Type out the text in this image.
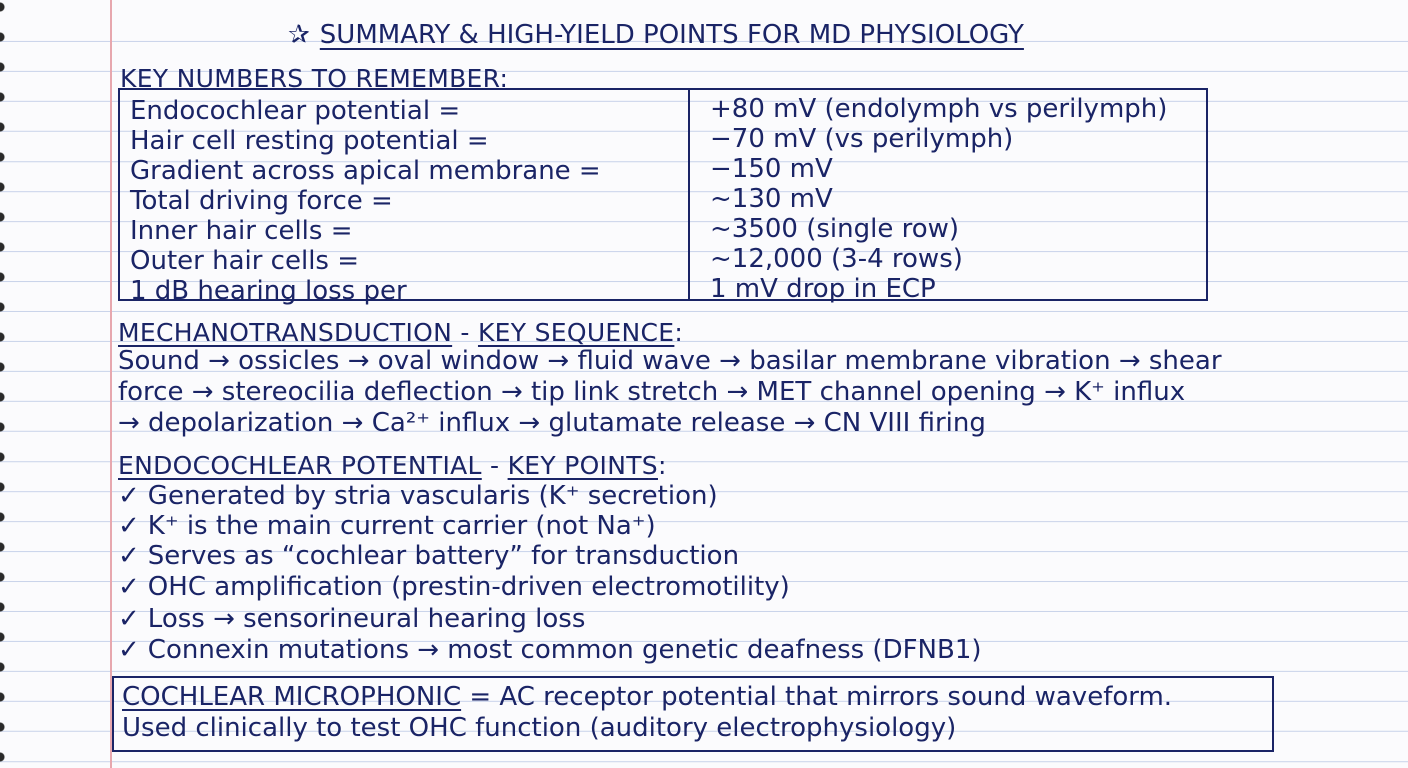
✰ SUMMARY & HIGH-YIELD POINTS FOR MD PHYSIOLOGY
KEY NUMBERS TO REMEMBER:
Endocochlear potential =	+80 mV (endolymph vs perilymph)
Hair cell resting potential =	−70 mV (vs perilymph)
Gradient across apical membrane =	−150 mV
Total driving force =	~130 mV
Inner hair cells =	~3500 (single row)
Outer hair cells =	~12,000 (3-4 rows)
1 dB hearing loss per	1 mV drop in ECP
MECHANOTRANSDUCTION - KEY SEQUENCE:
Sound → ossicles → oval window → fluid wave → basilar membrane vibration → shear
force → stereocilia deflection → tip link stretch → MET channel opening → K⁺ influx
→ depolarization → Ca²⁺ influx → glutamate release → CN VIII firing
ENDOCOCHLEAR POTENTIAL - KEY POINTS:
✓ Generated by stria vascularis (K⁺ secretion)
✓ K⁺ is the main current carrier (not Na⁺)
✓ Serves as “cochlear battery” for transduction
✓ OHC amplification (prestin-driven electromotility)
✓ Loss → sensorineural hearing loss
✓ Connexin mutations → most common genetic deafness (DFNB1)
COCHLEAR MICROPHONIC = AC receptor potential that mirrors sound waveform.
Used clinically to test OHC function (auditory electrophysiology)
